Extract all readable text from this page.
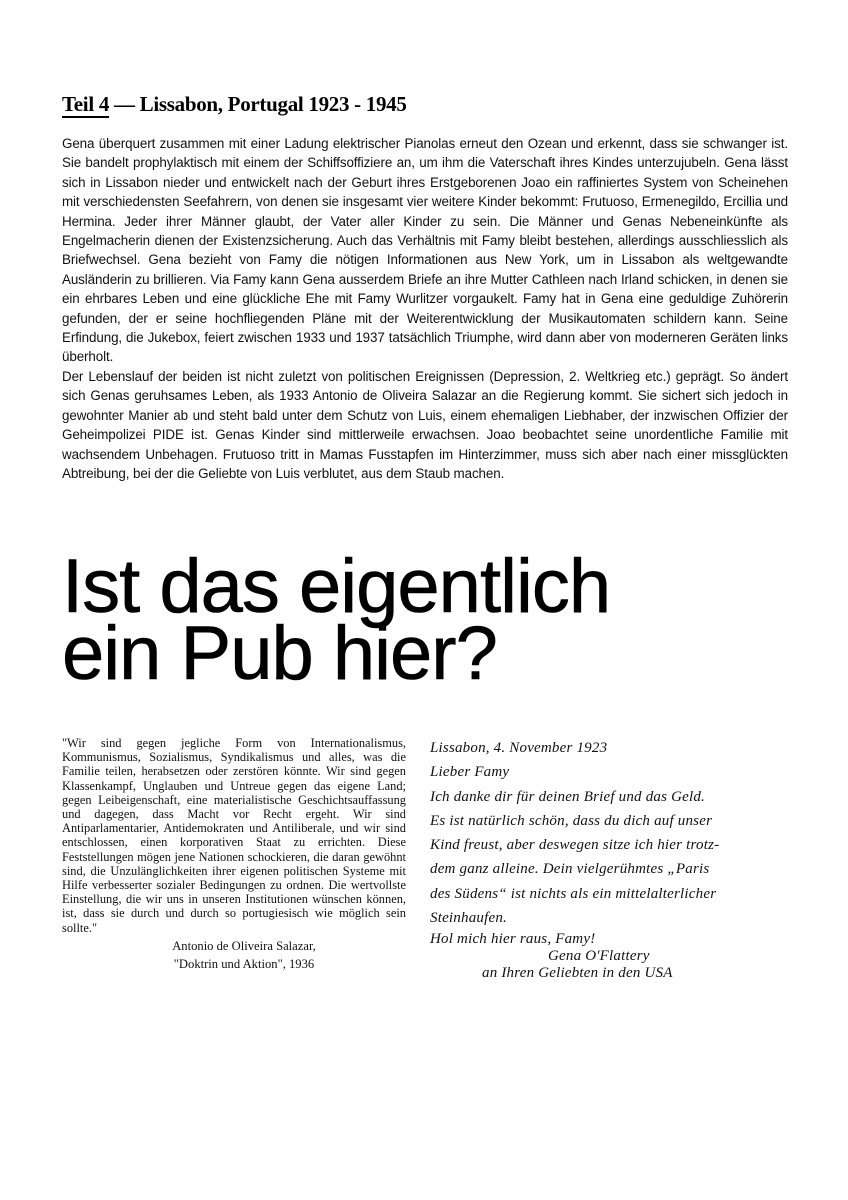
Teil 4 — Lissabon, Portugal 1923 - 1945

Gena überquert zusammen mit einer Ladung elektrischer Pianolas erneut den Ozean und erkennt, dass sie schwanger ist. Sie bandelt prophylaktisch mit einem der Schiffsoffiziere an, um ihm die Vaterschaft ihres Kindes unterzujubeln. Gena lässt sich in Lissabon nieder und entwickelt nach der Geburt ihres Erstgeborenen Joao ein raffiniertes System von Scheinehen mit verschiedensten Seefahrern, von denen sie insgesamt vier weitere Kinder bekommt: Frutuoso, Ermenegildo, Ercillia und Hermina. Jeder ihrer Männer glaubt, der Vater aller Kinder zu sein. Die Männer und Genas Nebeneinkünfte als Engelmacherin dienen der Existenzsicherung. Auch das Verhältnis mit Famy bleibt bestehen, allerdings ausschliesslich als Briefwechsel. Gena bezieht von Famy die nötigen Informationen aus New York, um in Lissabon als weltgewandte Ausländerin zu brillieren. Via Famy kann Gena ausserdem Briefe an ihre Mutter Cathleen nach Irland schicken, in denen sie ein ehrbares Leben und eine glückliche Ehe mit Famy Wurlitzer vorgaukelt. Famy hat in Gena eine geduldige Zuhörerin gefunden, der er seine hochfliegenden Pläne mit der Weiterentwicklung der Musikautomaten schildern kann. Seine Erfindung, die Jukebox, feiert zwischen 1933 und 1937 tatsächlich Triumphe, wird dann aber von moderneren Geräten links überholt.

Der Lebenslauf der beiden ist nicht zuletzt von politischen Ereignissen (Depression, 2. Weltkrieg etc.) geprägt. So ändert sich Genas geruhsames Leben, als 1933 Antonio de Oliveira Salazar an die Regierung kommt. Sie sichert sich jedoch in gewohnter Manier ab und steht bald unter dem Schutz von Luis, einem ehemaligen Liebhaber, der inzwischen Offizier der Geheimpolizei PIDE ist. Genas Kinder sind mittlerweile erwachsen. Joao beobachtet seine unordentliche Familie mit wachsendem Unbehagen. Frutuoso tritt in Mamas Fusstapfen im Hinterzimmer, muss sich aber nach einer missglückten Abtreibung, bei der die Geliebte von Luis verblutet, aus dem Staub machen.

Ist das eigentlich
ein Pub hier?

"Wir sind gegen jegliche Form von Internationalismus, Kommunismus, Sozialismus, Syndikalismus und alles, was die Familie teilen, herabsetzen oder zerstören könnte. Wir sind gegen Klassenkampf, Unglauben und Untreue gegen das eigene Land; gegen Leibeigenschaft, eine materialistische Geschichtsauffassung und dagegen, dass Macht vor Recht ergeht. Wir sind Antiparlamentarier, Antidemokraten und Antiliberale, und wir sind entschlossen, einen korporativen Staat zu errichten. Diese Feststellungen mögen jene Nationen schockieren, die daran gewöhnt sind, die Unzulänglichkeiten ihrer eigenen politischen Systeme mit Hilfe verbesserter sozialer Bedingungen zu ordnen. Die wertvollste Einstellung, die wir uns in unseren Institutionen wünschen können, ist, dass sie durch und durch so portugiesisch wie möglich sein sollte."

Antonio de Oliveira Salazar,
"Doktrin und Aktion", 1936

Lissabon, 4. November 1923
Lieber Famy
Ich danke dir für deinen Brief und das Geld.
Es ist natürlich schön, dass du dich auf unser
Kind freust, aber deswegen sitze ich hier trotz-
dem ganz alleine. Dein vielgerühmtes „Paris
des Südens“ ist nichts als ein mittelalterlicher
Steinhaufen.
Hol mich hier raus, Famy!
Gena O'Flattery
an Ihren Geliebten in den USA
